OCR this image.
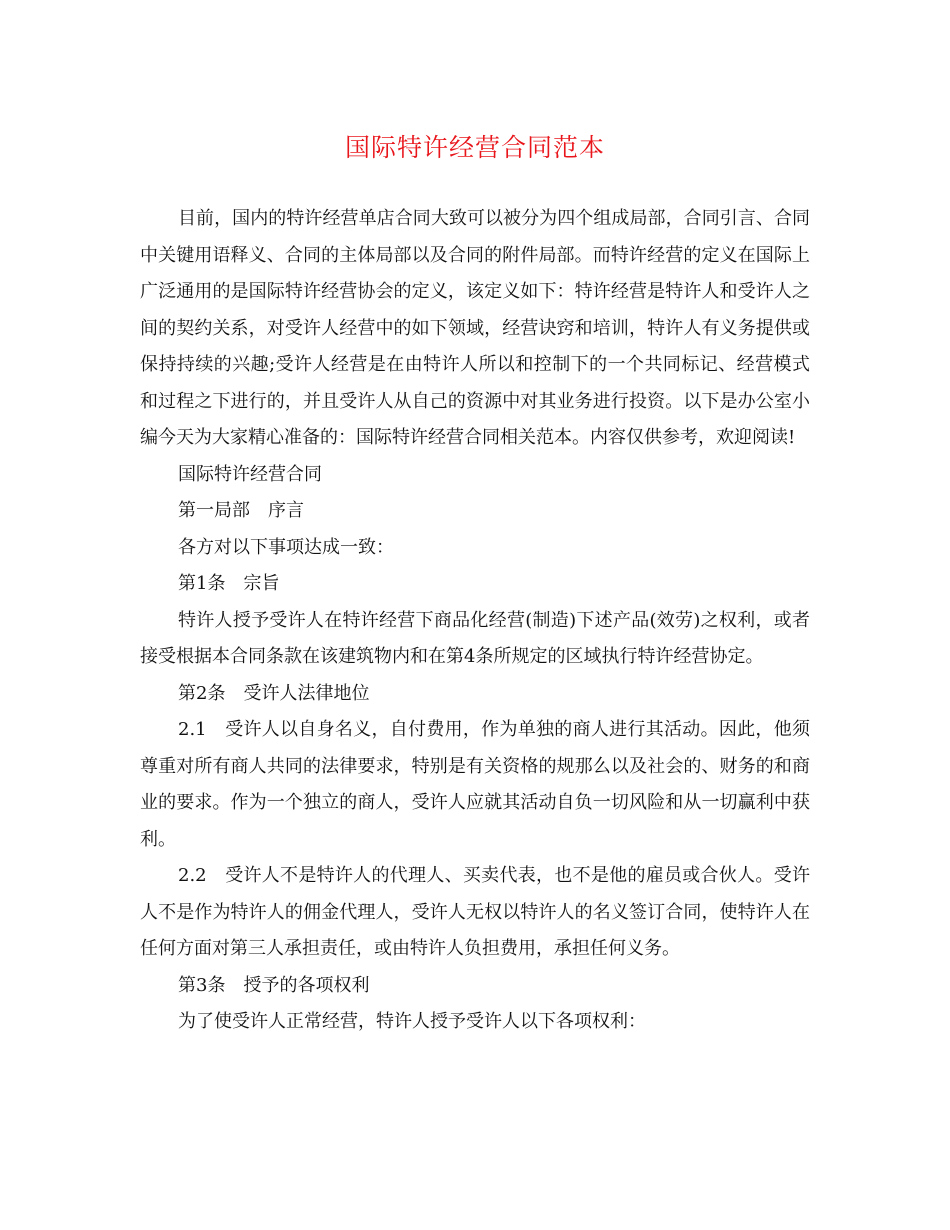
国际特许经营合同范本

目前，国内的特许经营单店合同大致可以被分为四个组成局部，合同引言、合同中关键用语释义、合同的主体局部以及合同的附件局部。而特许经营的定义在国际上广泛通用的是国际特许经营协会的定义，该定义如下：特许经营是特许人和受许人之间的契约关系，对受许人经营中的如下领域，经营诀窍和培训，特许人有义务提供或保持持续的兴趣;受许人经营是在由特许人所以和控制下的一个共同标记、经营模式和过程之下进行的，并且受许人从自己的资源中对其业务进行投资。以下是办公室小编今天为大家精心准备的：国际特许经营合同相关范本。内容仅供参考，欢迎阅读!

国际特许经营合同

第一局部　序言

各方对以下事项达成一致：

第1条　宗旨

特许人授予受许人在特许经营下商品化经营(制造)下述产品(效劳)之权利，或者接受根据本合同条款在该建筑物内和在第4条所规定的区域执行特许经营协定。

第2条　受许人法律地位

2.1　受许人以自身名义，自付费用，作为单独的商人进行其活动。因此，他须尊重对所有商人共同的法律要求，特别是有关资格的规那么以及社会的、财务的和商业的要求。作为一个独立的商人，受许人应就其活动自负一切风险和从一切赢利中获利。

2.2　受许人不是特许人的代理人、买卖代表，也不是他的雇员或合伙人。受许人不是作为特许人的佣金代理人，受许人无权以特许人的名义签订合同，使特许人在任何方面对第三人承担责任，或由特许人负担费用，承担任何义务。

第3条　授予的各项权利

为了使受许人正常经营，特许人授予受许人以下各项权利：
